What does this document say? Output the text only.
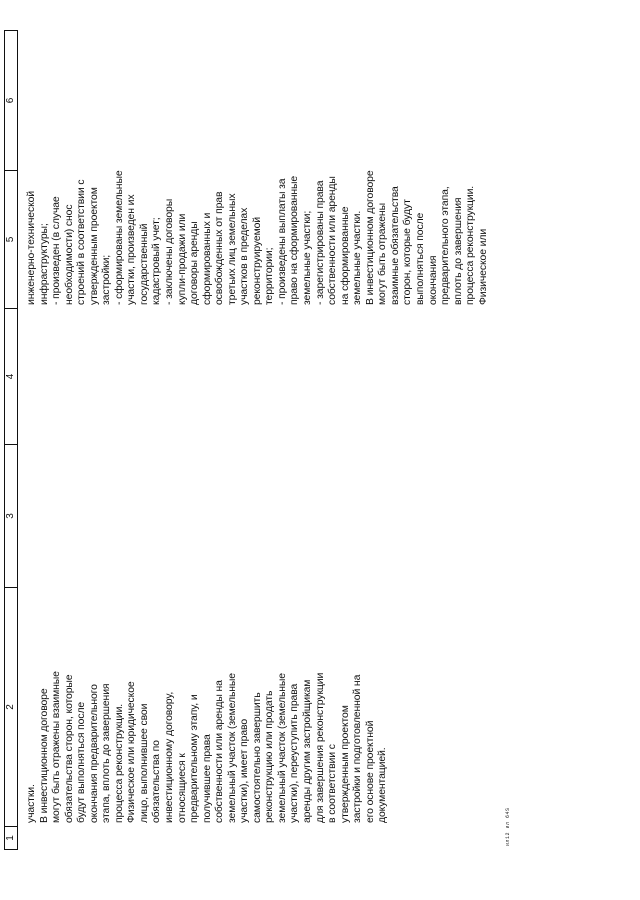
1
2
3
4
5
6
участки. В инвестиционном договоре могут быть отражены взаимные обязательства сторон, которые будут выполняться после окончания предварительного этапа, вплоть до завершения процесса реконструкции. Физическое или юридическое лицо, выполнившее свои обязательства по инвестиционному договору, относящиеся к предварительному этапу, и получившее права собственности или аренды на земельный участок (земельные участки), имеет право самостоятельно завершить реконструкцию или продать земельный участок (земельные участки), переуступить права аренды другим застройщикам для завершения реконструкции в соответствии с утвержденным проектом застройки и подготовленной на его основе проектной документацией.
инженерно-технической инфраструктуры; - произведен (в случае необходимости) снос строений в соответствии с утвержденным проектом застройки; - сформированы земельные участки, произведен их государственный кадастровый учет; - заключены договоры купли-продажи или договоры аренды сформированных и освобожденных от прав третьих лиц земельных участков в пределах реконструируемой территории; - произведены выплаты за право на сформированные земельные участки; - зарегистрированы права собственности или аренды на сформированные земельные участки. В инвестиционном договоре могут быть отражены взаимные обязательства сторон, которые будут выполняться после окончания предварительного этапа, вплоть до завершения процесса реконструкции. Физическое или
ил12 ил 64S
